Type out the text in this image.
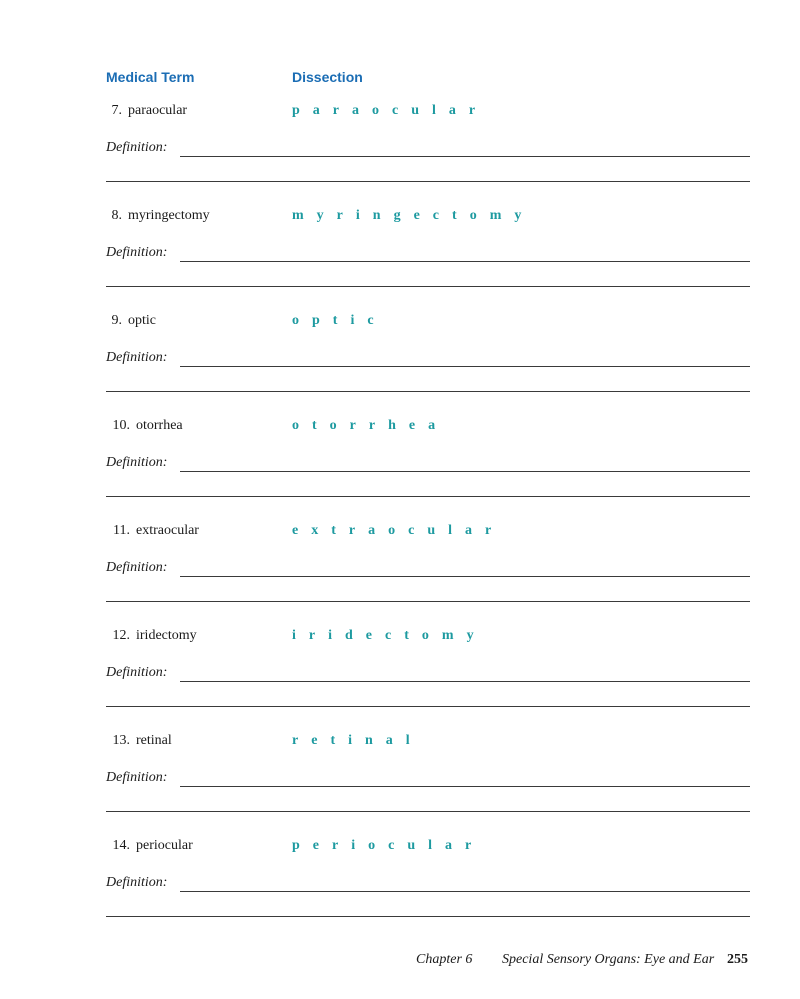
Medical Term	Dissection
7. paraocular	p a r a o c u l a r
Definition:
8. myringectomy	m y r i n g e c t o m y
Definition:
9. optic	o p t i c
Definition:
10. otorrhea	o t o r r h e a
Definition:
11. extraocular	e x t r a o c u l a r
Definition:
12. iridectomy	i r i d e c t o m y
Definition:
13. retinal	r e t i n a l
Definition:
14. periocular	p e r i o c u l a r
Definition:
Chapter 6 Special Sensory Organs: Eye and Ear 255
